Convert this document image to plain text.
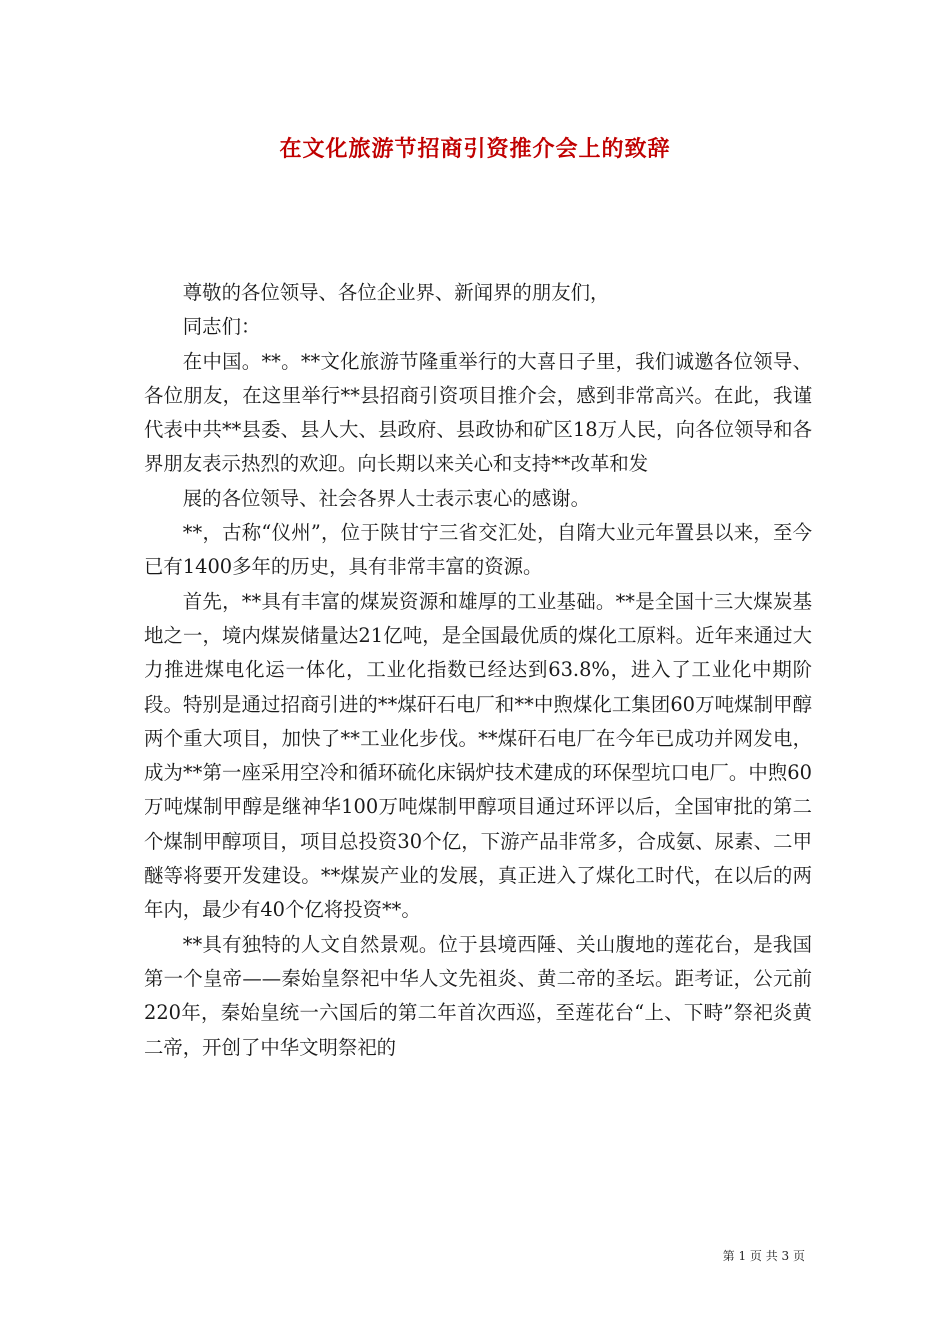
在文化旅游节招商引资推介会上的致辞

尊敬的各位领导、各位企业界、新闻界的朋友们，

同志们：

在中国。**。**文化旅游节隆重举行的大喜日子里，我们诚邀各位领导、各位朋友，在这里举行**县招商引资项目推介会，感到非常高兴。在此，我谨代表中共**县委、县人大、县政府、县政协和矿区18万人民，向各位领导和各界朋友表示热烈的欢迎。向长期以来关心和支持**改革和发

展的各位领导、社会各界人士表示衷心的感谢。

**，古称“仪州”，位于陕甘宁三省交汇处，自隋大业元年置县以来，至今已有1400多年的历史，具有非常丰富的资源。

首先，**具有丰富的煤炭资源和雄厚的工业基础。**是全国十三大煤炭基地之一，境内煤炭储量达21亿吨，是全国最优质的煤化工原料。近年来通过大力推进煤电化运一体化，工业化指数已经达到63.8%，进入了工业化中期阶段。特别是通过招商引进的**煤矸石电厂和**中煦煤化工集团60万吨煤制甲醇两个重大项目，加快了**工业化步伐。**煤矸石电厂在今年已成功并网发电，成为**第一座采用空冷和循环硫化床锅炉技术建成的环保型坑口电厂。中煦60万吨煤制甲醇是继神华100万吨煤制甲醇项目通过环评以后，全国审批的第二个煤制甲醇项目，项目总投资30个亿，下游产品非常多，合成氨、尿素、二甲醚等将要开发建设。**煤炭产业的发展，真正进入了煤化工时代，在以后的两年内，最少有40个亿将投资**。

**具有独特的人文自然景观。位于县境西陲、关山腹地的莲花台，是我国第一个皇帝——秦始皇祭祀中华人文先祖炎、黄二帝的圣坛。距考证，公元前220年，秦始皇统一六国后的第二年首次西巡，至莲花台“上、下畤”祭祀炎黄二帝，开创了中华文明祭祀的

第 1 页 共 3 页
